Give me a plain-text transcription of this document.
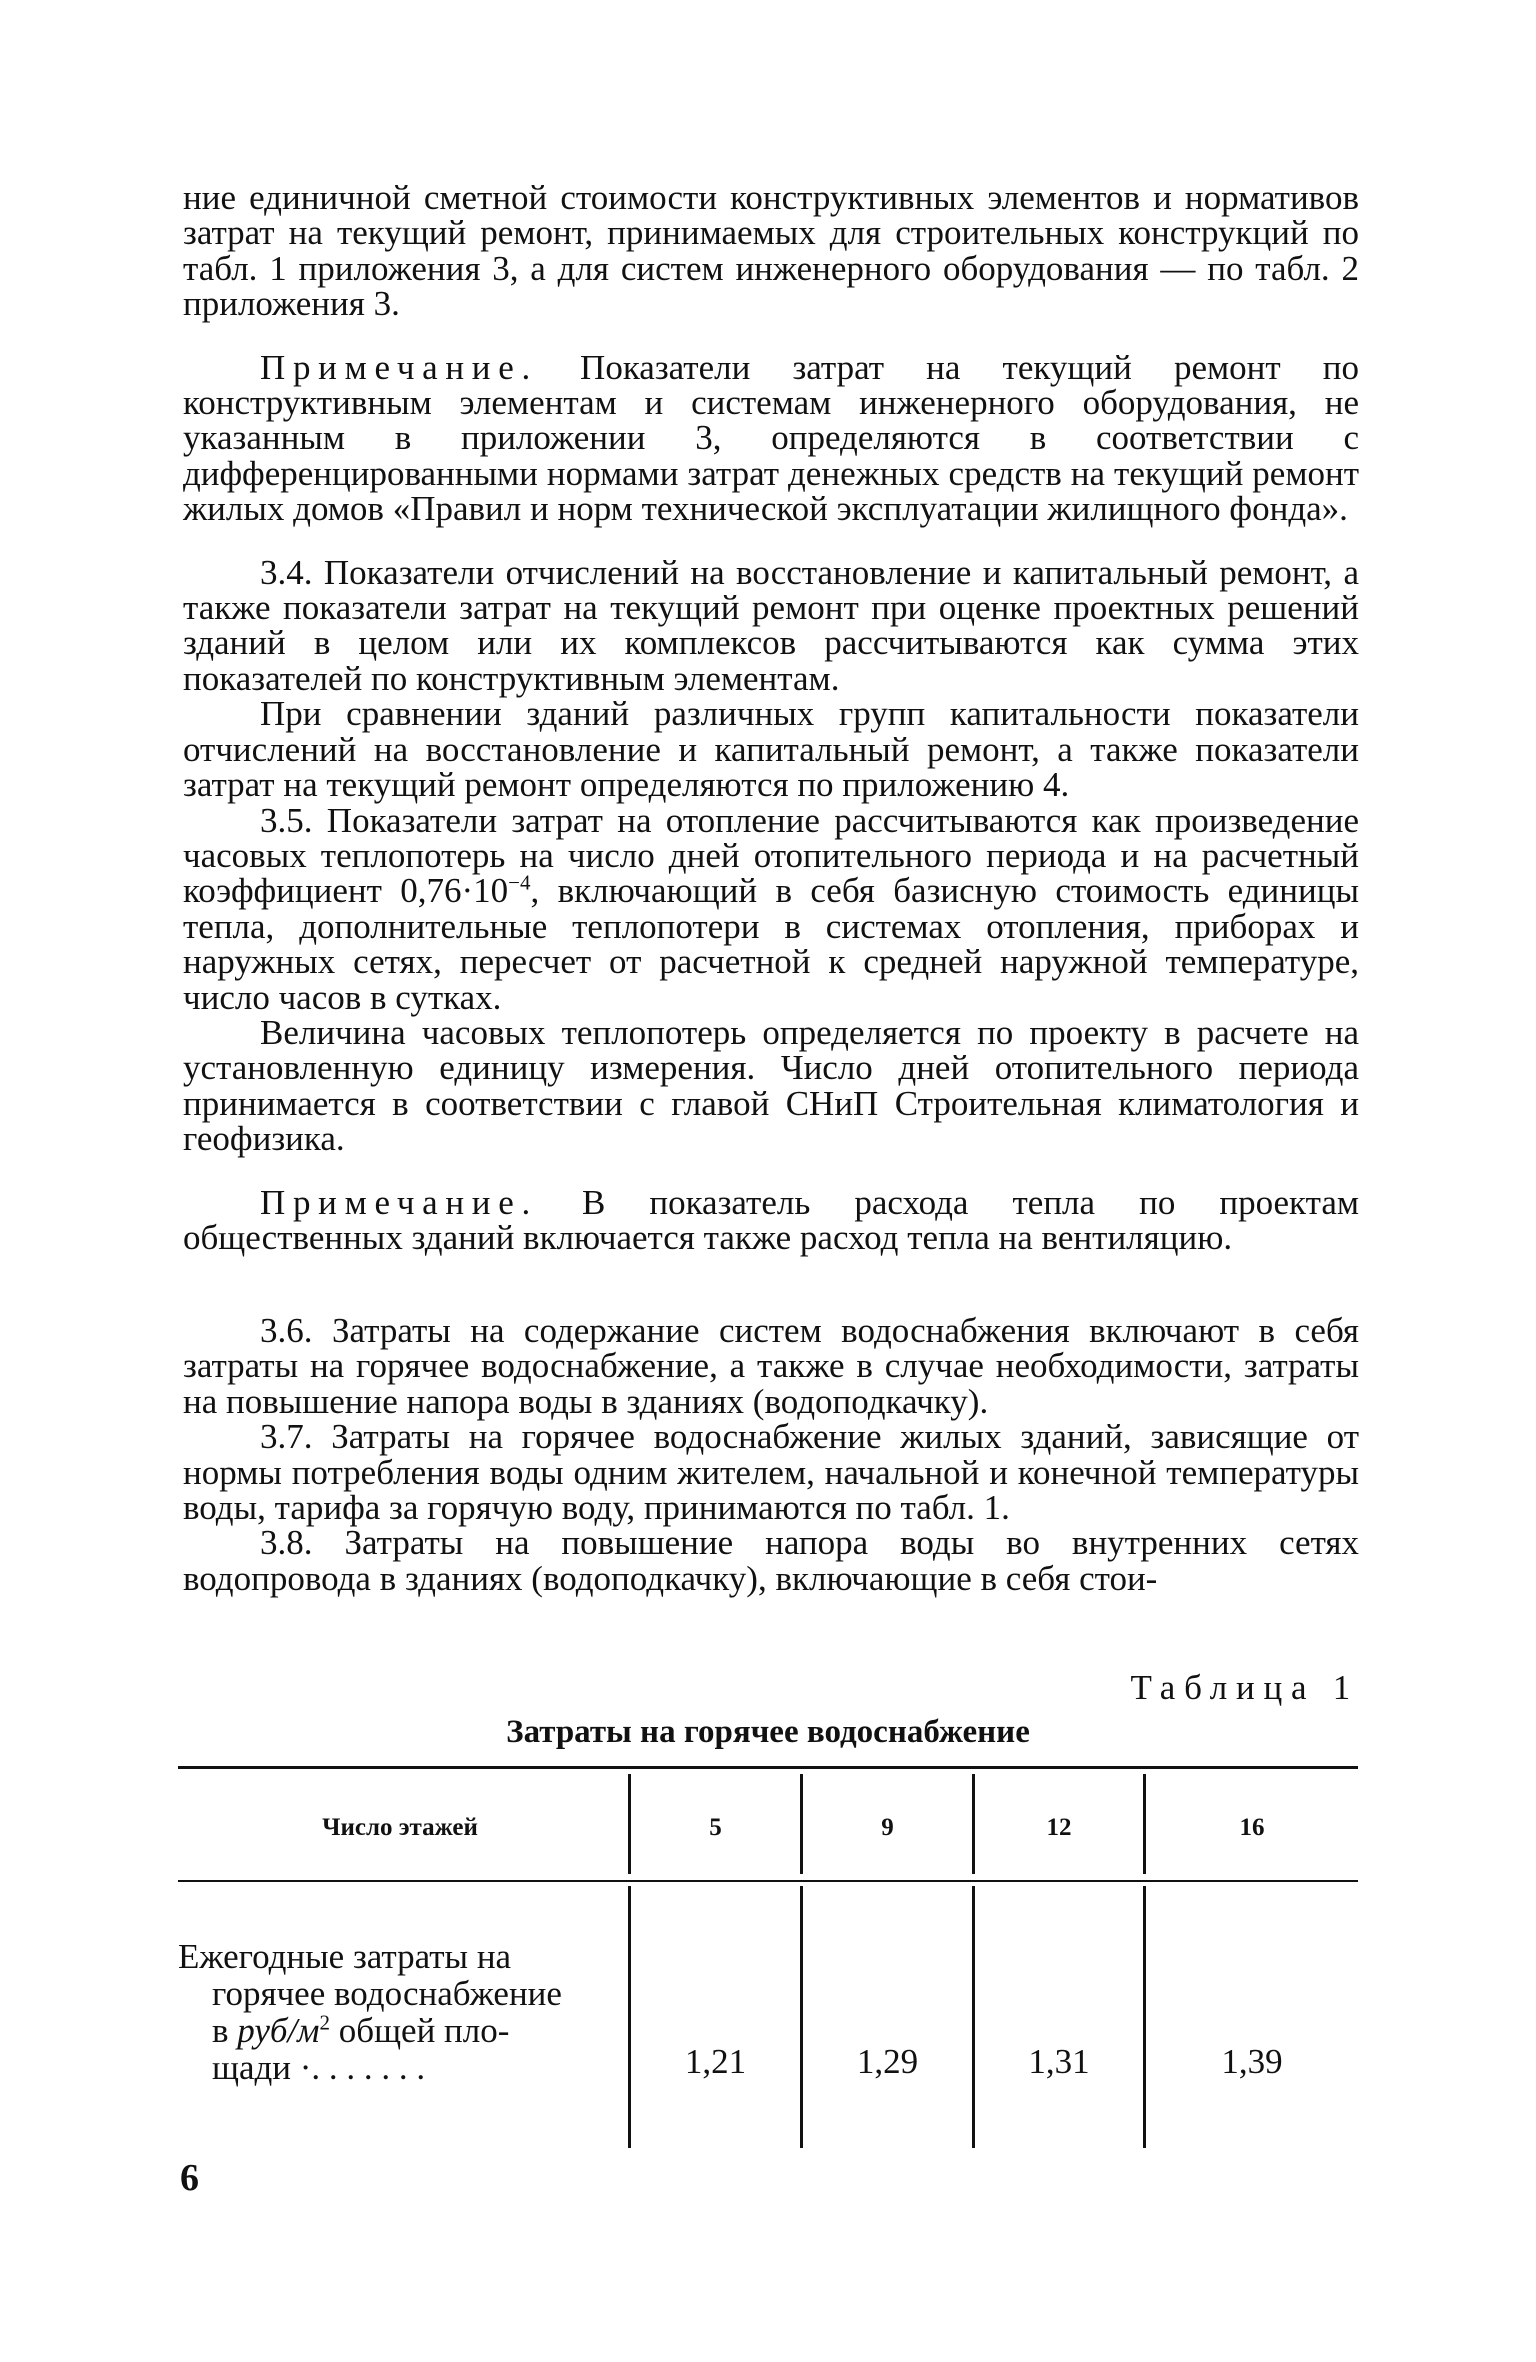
ние единичной сметной стоимости конструктивных элементов и нормативов затрат на текущий ремонт, принимаемых для строительных конструкций по табл. 1 приложения 3, а для систем инженерного оборудования — по табл. 2 приложения 3.

Примечание. Показатели затрат на текущий ремонт по конструктивным элементам и системам инженерного оборудования, не указанным в приложении 3, определяются в соответствии с дифференцированными нормами затрат денежных средств на текущий ремонт жилых домов «Правил и норм технической эксплуатации жилищного фонда».

3.4. Показатели отчислений на восстановление и капитальный ремонт, а также показатели затрат на текущий ремонт при оценке проектных решений зданий в целом или их комплексов рассчитываются как сумма этих показателей по конструктивным элементам.

При сравнении зданий различных групп капитальности показатели отчислений на восстановление и капитальный ремонт, а также показатели затрат на текущий ремонт определяются по приложению 4.

3.5. Показатели затрат на отопление рассчитываются как произведение часовых теплопотерь на число дней отопительного периода и на расчетный коэффициент $0,76\cdot 10^{-4}$, включающий в себя базисную стоимость единицы тепла, дополнительные теплопотери в системах отопления, приборах и наружных сетях, пересчет от расчетной к средней наружной температуре, число часов в сутках.

Величина часовых теплопотерь определяется по проекту в расчете на установленную единицу измерения. Число дней отопительного периода принимается в соответствии с главой СНиП Строительная климатология и геофизика.

Примечание. В показатель расхода тепла по проектам общественных зданий включается также расход тепла на вентиляцию.

3.6. Затраты на содержание систем водоснабжения включают в себя затраты на горячее водоснабжение, а также в случае необходимости, затраты на повышение напора воды в зданиях (водоподкачку).

3.7. Затраты на горячее водоснабжение жилых зданий, зависящие от нормы потребления воды одним жителем, начальной и конечной температуры воды, тарифа за горячую воду, принимаются по табл. 1.

3.8. Затраты на повышение напора воды во внутренних сетях водопровода в зданиях (водоподкачку), включающие в себя стои-

Таблица 1
Затраты на горячее водоснабжение
Число этажей	5	9	12	16
Ежегодные затраты на
горячее водоснабжение
в руб/$м^2$ общей пло-
щади ·. . . . . . .	1,21	1,29	1,31	1,39
6
